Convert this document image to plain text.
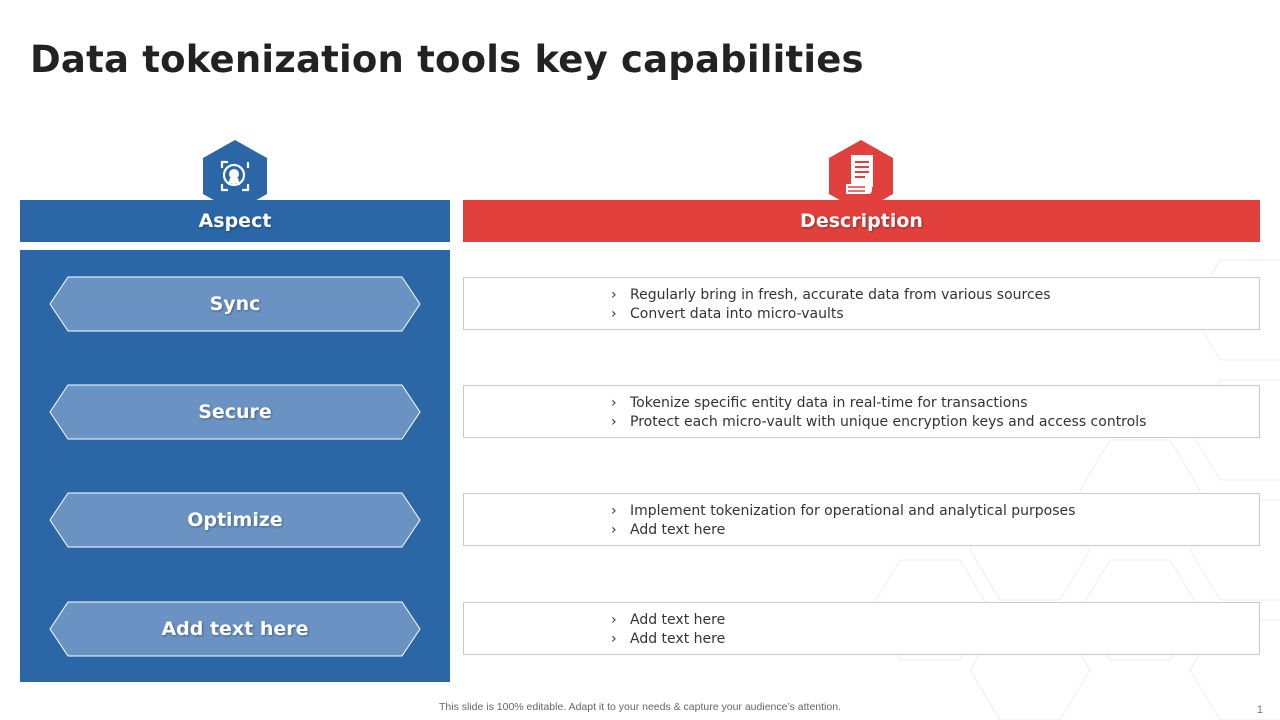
Data tokenization tools key capabilities
Aspect	Description
Sync	› Regularly bring in fresh, accurate data from various sources
› Convert data into micro-vaults
Secure	› Tokenize specific entity data in real-time for transactions
› Protect each micro-vault with unique encryption keys and access controls
Optimize	› Implement tokenization for operational and analytical purposes
› Add text here
Add text here	› Add text here
› Add text here
This slide is 100% editable. Adapt it to your needs & capture your audience’s attention.	1
